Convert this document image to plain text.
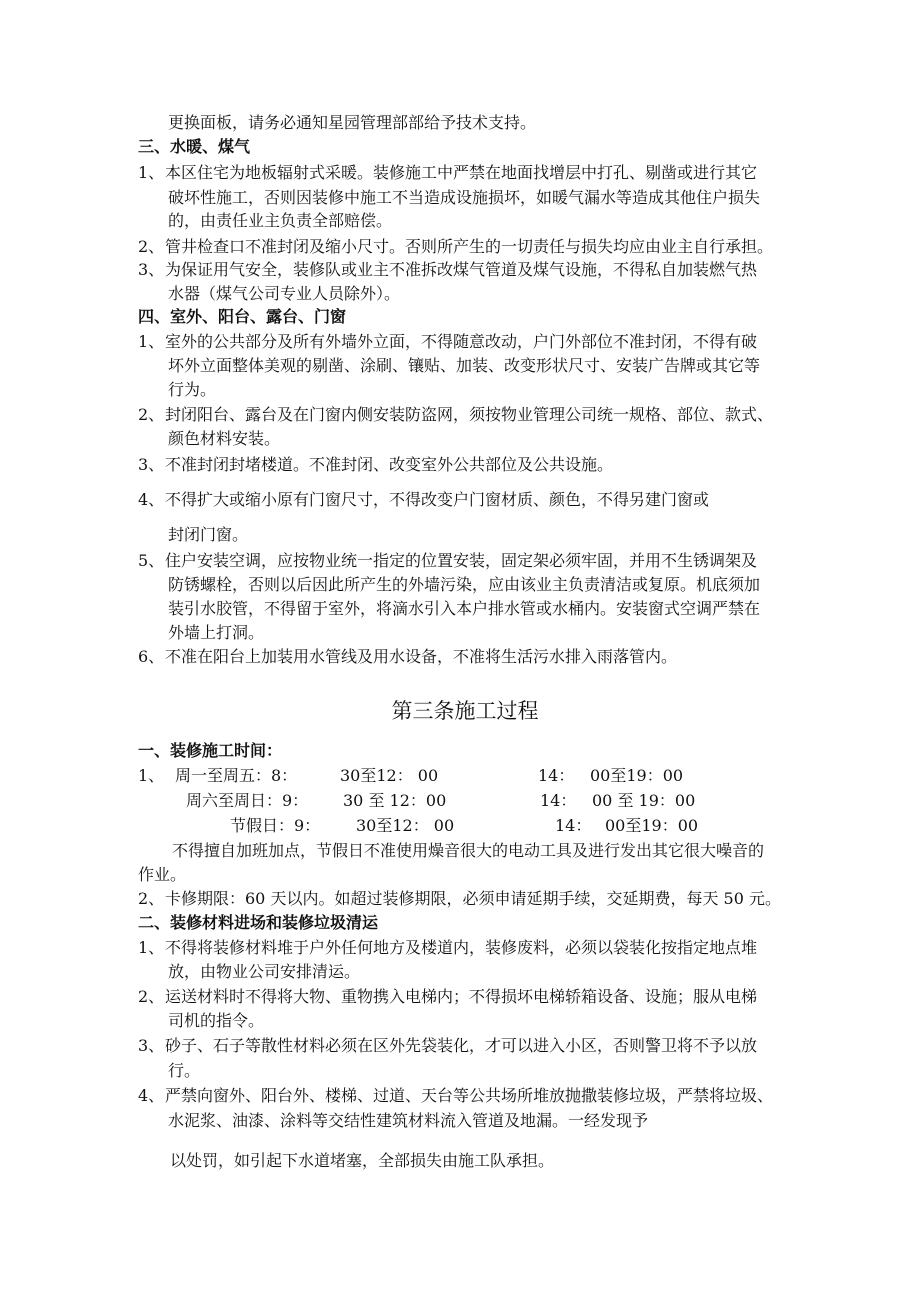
更换面板，请务必通知星园管理部部给予技术支持。
三、水暖、煤气
1、 本区住宅为地板辐射式采暖。装修施工中严禁在地面找增层中打孔、剔凿或进行其它
破坏性施工，否则因装修中施工不当造成设施损坏，如暖气漏水等造成其他住户损失
的，由责任业主负责全部赔偿。
2、 管井检查口不准封闭及缩小尺寸。否则所产生的一切责任与损失均应由业主自行承担。
3、 为保证用气安全，装修队或业主不准拆改煤气管道及煤气设施，不得私自加装燃气热
水器（煤气公司专业人员除外）。
四、室外、阳台、露台、门窗
1、 室外的公共部分及所有外墙外立面，不得随意改动，户门外部位不准封闭，不得有破
坏外立面整体美观的剔凿、涂刷、镶贴、加装、改变形状尺寸、安装广告牌或其它等
行为。
2、 封闭阳台、露台及在门窗内侧安装防盗网，须按物业管理公司统一规格、部位、款式、
颜色材料安装。
3、 不准封闭封堵楼道。不准封闭、改变室外公共部位及公共设施。
4、 不得扩大或缩小原有门窗尺寸，不得改变户门窗材质、颜色，不得另建门窗或
封闭门窗。
5、 住户安装空调，应按物业统一指定的位置安装，固定架必须牢固，并用不生锈调架及
防锈螺栓，否则以后因此所产生的外墙污染，应由该业主负责清洁或复原。机底须加
装引水胶管，不得留于室外，将滴水引入本户排水管或水桶内。安装窗式空调严禁在
外墙上打洞。
6、 不准在阳台上加装用水管线及用水设备，不准将生活污水排入雨落管内。
第三条施工过程
一、装修施工时间：
1、 周一至周五：8：	30至12： 00	14： 00至19：00
周六至周日：9： 30 至 12：00	14： 00 至 19：00
节假日：9： 30至12： 00	14： 00至19：00
不得擅自加班加点，节假日不准使用燥音很大的电动工具及进行发出其它很大噪音的
作业。
2、 卡修期限：60 天以内。如超过装修期限，必须申请延期手续，交延期费，每天 50 元。
二、装修材料进场和装修垃圾清运
1、 不得将装修材料堆于户外任何地方及楼道内，装修废料，必须以袋装化按指定地点堆
放，由物业公司安排清运。
2、 运送材料时不得将大物、重物携入电梯内；不得损坏电梯轿箱设备、设施；服从电梯
司机的指令。
3、 砂子、石子等散性材料必须在区外先袋装化，才可以进入小区，否则警卫将不予以放
行。
4、 严禁向窗外、阳台外、楼梯、过道、天台等公共场所堆放抛撒装修垃圾，严禁将垃圾、
水泥浆、油漆、涂料等交结性建筑材料流入管道及地漏。一经发现予
以处罚，如引起下水道堵塞，全部损失由施工队承担。
